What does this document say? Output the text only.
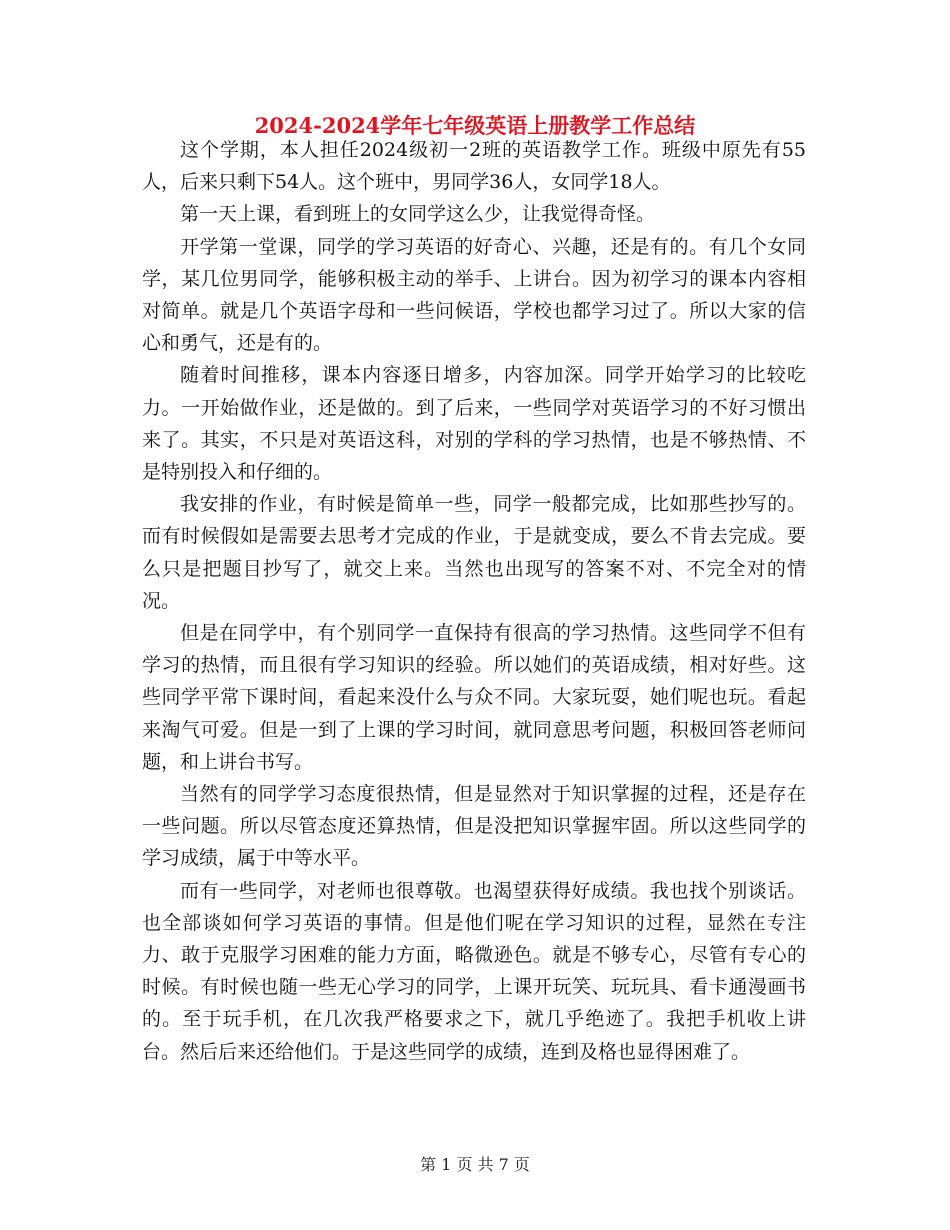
2024-2024学年七年级英语上册教学工作总结

这个学期，本人担任2024级初一2班的英语教学工作。班级中原先有55人，后来只剩下54人。这个班中，男同学36人，女同学18人。

第一天上课，看到班上的女同学这么少，让我觉得奇怪。

开学第一堂课，同学的学习英语的好奇心、兴趣，还是有的。有几个女同学，某几位男同学，能够积极主动的举手、上讲台。因为初学习的课本内容相对简单。就是几个英语字母和一些问候语，学校也都学习过了。所以大家的信心和勇气，还是有的。

随着时间推移，课本内容逐日增多，内容加深。同学开始学习的比较吃力。一开始做作业，还是做的。到了后来，一些同学对英语学习的不好习惯出来了。其实，不只是对英语这科，对别的学科的学习热情，也是不够热情、不是特别投入和仔细的。

我安排的作业，有时候是简单一些，同学一般都完成，比如那些抄写的。而有时候假如是需要去思考才完成的作业，于是就变成，要么不肯去完成。要么只是把题目抄写了，就交上来。当然也出现写的答案不对、不完全对的情况。

但是在同学中，有个别同学一直保持有很高的学习热情。这些同学不但有学习的热情，而且很有学习知识的经验。所以她们的英语成绩，相对好些。这些同学平常下课时间，看起来没什么与众不同。大家玩耍，她们呢也玩。看起来淘气可爱。但是一到了上课的学习时间，就同意思考问题，积极回答老师问题，和上讲台书写。

当然有的同学学习态度很热情，但是显然对于知识掌握的过程，还是存在一些问题。所以尽管态度还算热情，但是没把知识掌握牢固。所以这些同学的学习成绩，属于中等水平。

而有一些同学，对老师也很尊敬。也渴望获得好成绩。我也找个别谈话。也全部谈如何学习英语的事情。但是他们呢在学习知识的过程，显然在专注力、敢于克服学习困难的能力方面，略微逊色。就是不够专心，尽管有专心的时候。有时候也随一些无心学习的同学，上课开玩笑、玩玩具、看卡通漫画书的。至于玩手机，在几次我严格要求之下，就几乎绝迹了。我把手机收上讲台。然后后来还给他们。于是这些同学的成绩，连到及格也显得困难了。

第 1 页 共 7 页
